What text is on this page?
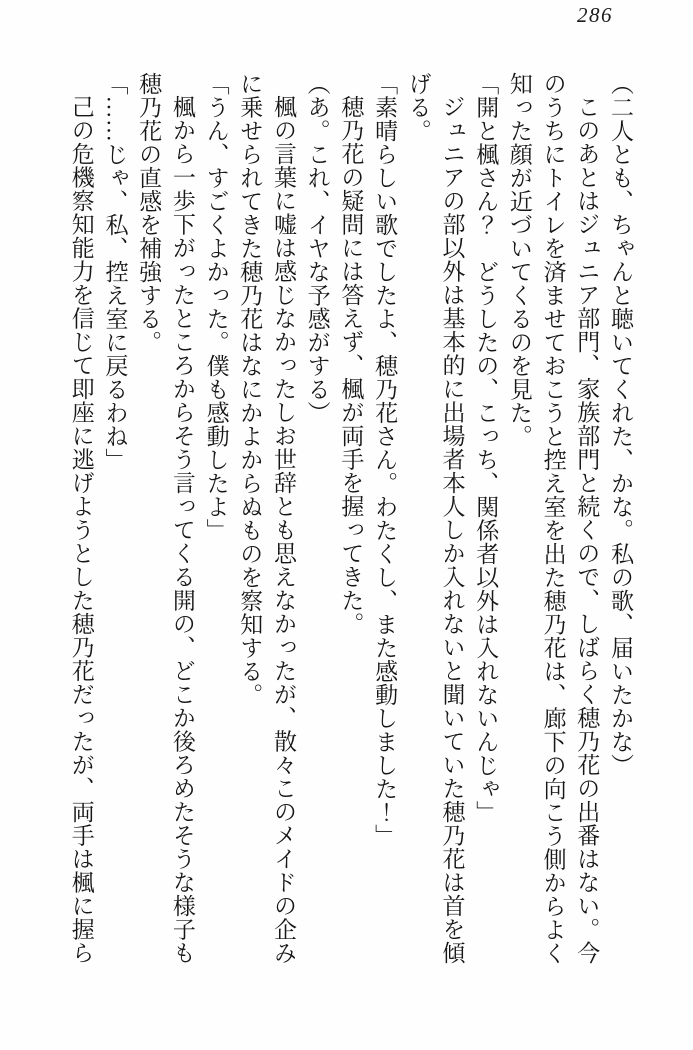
286

（二人とも、ちゃんと聴いてくれた、かな。私の歌、届いたかな）

このあとはジュニア部門、家族部門と続くので、しばらく穂乃花の出番はない。今のうちにトイレを済ませておこうと控え室を出た穂乃花は、廊下の向こう側からよく知った顔が近づいてくるのを見た。

「開と楓さん？　どうしたの、こっち、関係者以外は入れないんじゃ」

ジュニアの部以外は基本的に出場者本人しか入れないと聞いていた穂乃花は首を傾げる。

「素晴らしい歌でしたよ、穂乃花さん。わたくし、また感動しました！」

穂乃花の疑問には答えず、楓が両手を握ってきた。

（あ。これ、イヤな予感がする）

楓の言葉に嘘は感じなかったしお世辞とも思えなかったが、散々このメイドの企みに乗せられてきた穂乃花はなにかよからぬものを察知する。

「うん、すごくよかった。僕も感動したよ」

楓から一歩下がったところからそう言ってくる開の、どこか後ろめたそうな様子も穂乃花の直感を補強する。

「……じゃ、私、控え室に戻るわね」

己の危機察知能力を信じて即座に逃げようとした穂乃花だったが、両手は楓に握ら
